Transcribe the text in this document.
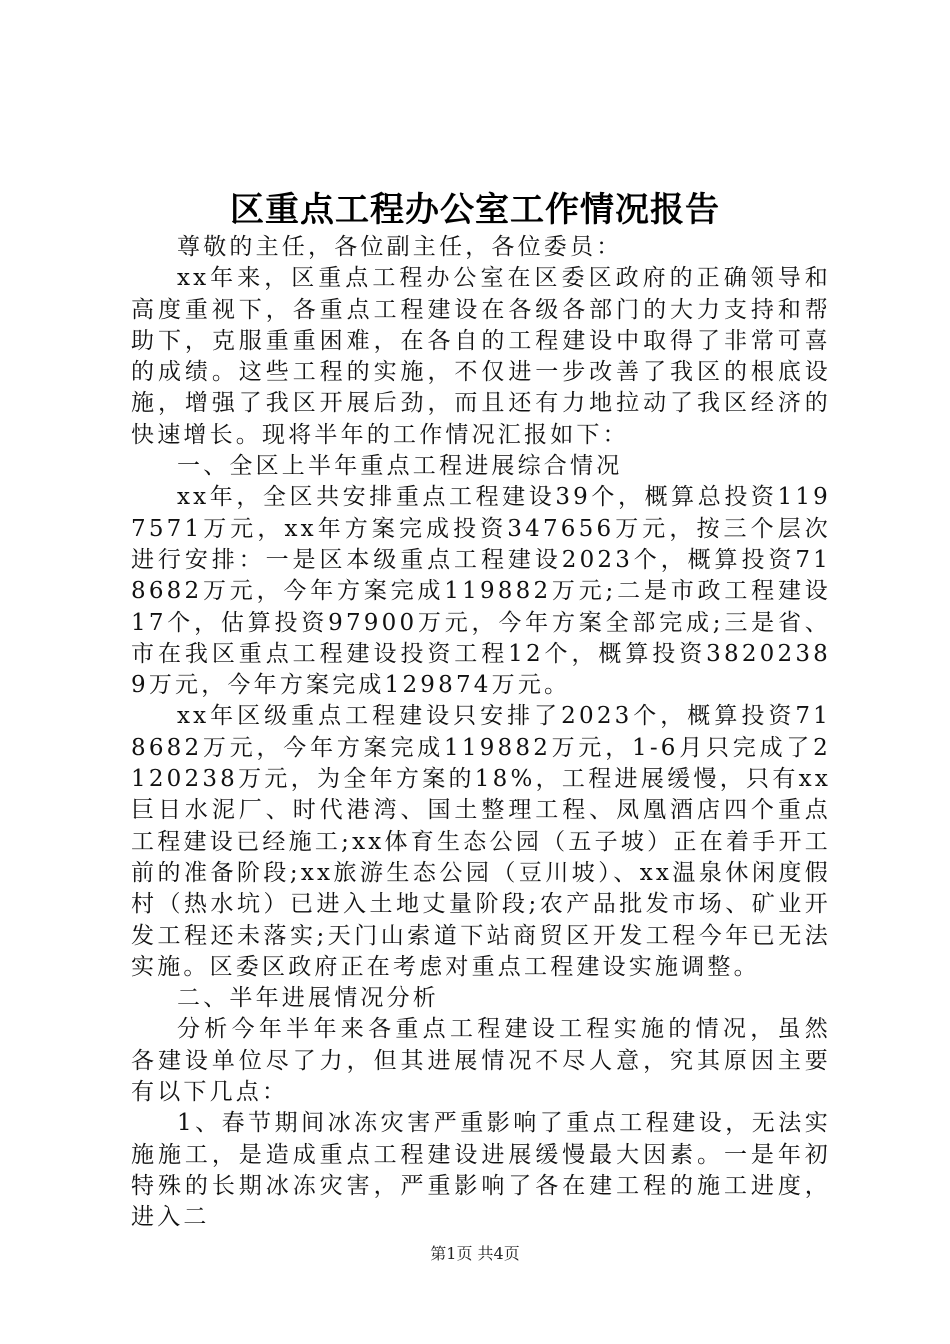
区重点工程办公室工作情况报告

尊敬的主任，各位副主任，各位委员：

xx年来，区重点工程办公室在区委区政府的正确领导和高度重视下，各重点工程建设在各级各部门的大力支持和帮助下，克服重重困难，在各自的工程建设中取得了非常可喜的成绩。这些工程的实施，不仅进一步改善了我区的根底设施，增强了我区开展后劲，而且还有力地拉动了我区经济的快速增长。现将半年的工作情况汇报如下：

一、全区上半年重点工程进展综合情况

xx年，全区共安排重点工程建设39个，概算总投资1197571万元，xx年方案完成投资347656万元，按三个层次进行安排：一是区本级重点工程建设2023个，概算投资718682万元，今年方案完成119882万元;二是市政工程建设17个，估算投资97900万元，今年方案全部完成;三是省、市在我区重点工程建设投资工程12个，概算投资38202389万元，今年方案完成129874万元。

xx年区级重点工程建设只安排了2023个，概算投资718682万元，今年方案完成119882万元，1-6月只完成了2120238万元，为全年方案的18%，工程进展缓慢，只有xx巨日水泥厂、时代港湾、国土整理工程、凤凰酒店四个重点工程建设已经施工;xx体育生态公园（五子坡）正在着手开工前的准备阶段;xx旅游生态公园（豆川坡）、xx温泉休闲度假村（热水坑）已进入土地丈量阶段;农产品批发市场、矿业开发工程还未落实;天门山索道下站商贸区开发工程今年已无法实施。区委区政府正在考虑对重点工程建设实施调整。

二、半年进展情况分析

分析今年半年来各重点工程建设工程实施的情况，虽然各建设单位尽了力，但其进展情况不尽人意，究其原因主要有以下几点：

1、春节期间冰冻灾害严重影响了重点工程建设，无法实施施工，是造成重点工程建设进展缓慢最大因素。一是年初特殊的长期冰冻灾害，严重影响了各在建工程的施工进度，进入二

第1页 共4页
